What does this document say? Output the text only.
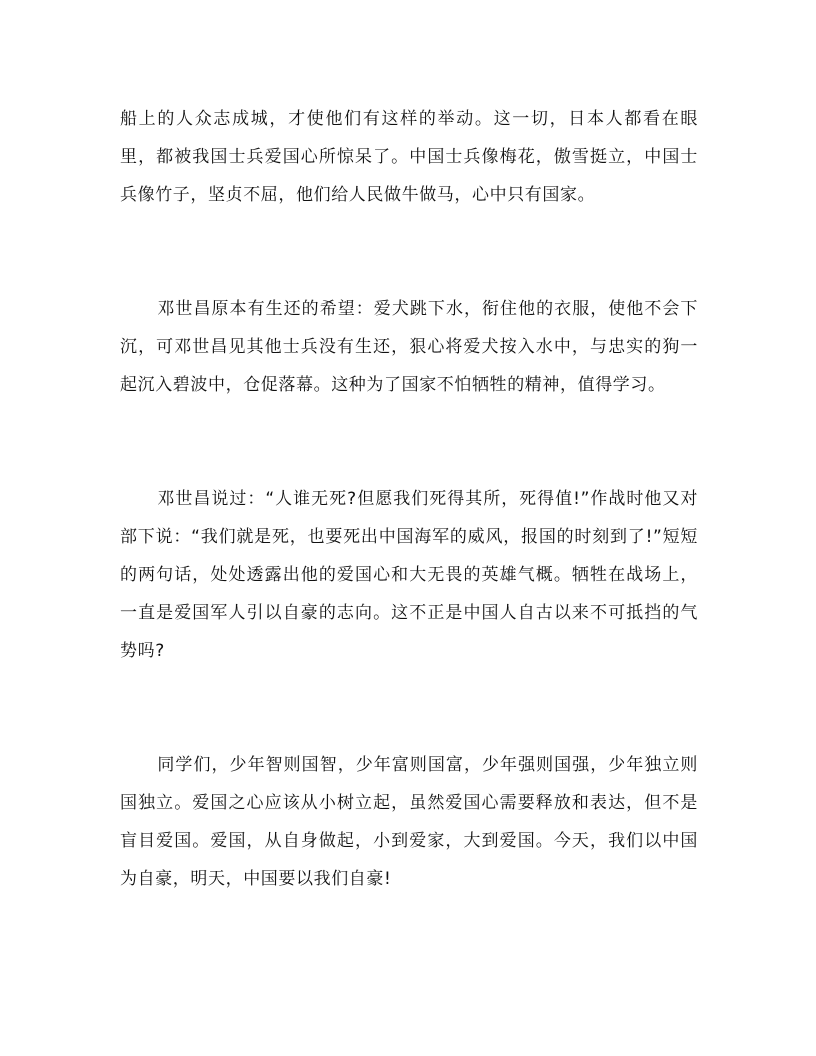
船上的人众志成城，才使他们有这样的举动。这一切，日本人都看在眼里，都被我国士兵爱国心所惊呆了。中国士兵像梅花，傲雪挺立，中国士兵像竹子，坚贞不屈，他们给人民做牛做马，心中只有国家。

邓世昌原本有生还的希望：爱犬跳下水，衔住他的衣服，使他不会下沉，可邓世昌见其他士兵没有生还，狠心将爱犬按入水中，与忠实的狗一起沉入碧波中，仓促落幕。这种为了国家不怕牺牲的精神，值得学习。

邓世昌说过：“人谁无死?但愿我们死得其所，死得值!”作战时他又对部下说：“我们就是死，也要死出中国海军的威风，报国的时刻到了!”短短的两句话，处处透露出他的爱国心和大无畏的英雄气概。牺牲在战场上，一直是爱国军人引以自豪的志向。这不正是中国人自古以来不可抵挡的气势吗?

同学们，少年智则国智，少年富则国富，少年强则国强，少年独立则国独立。爱国之心应该从小树立起，虽然爱国心需要释放和表达，但不是盲目爱国。爱国，从自身做起，小到爱家，大到爱国。今天，我们以中国为自豪，明天，中国要以我们自豪!
